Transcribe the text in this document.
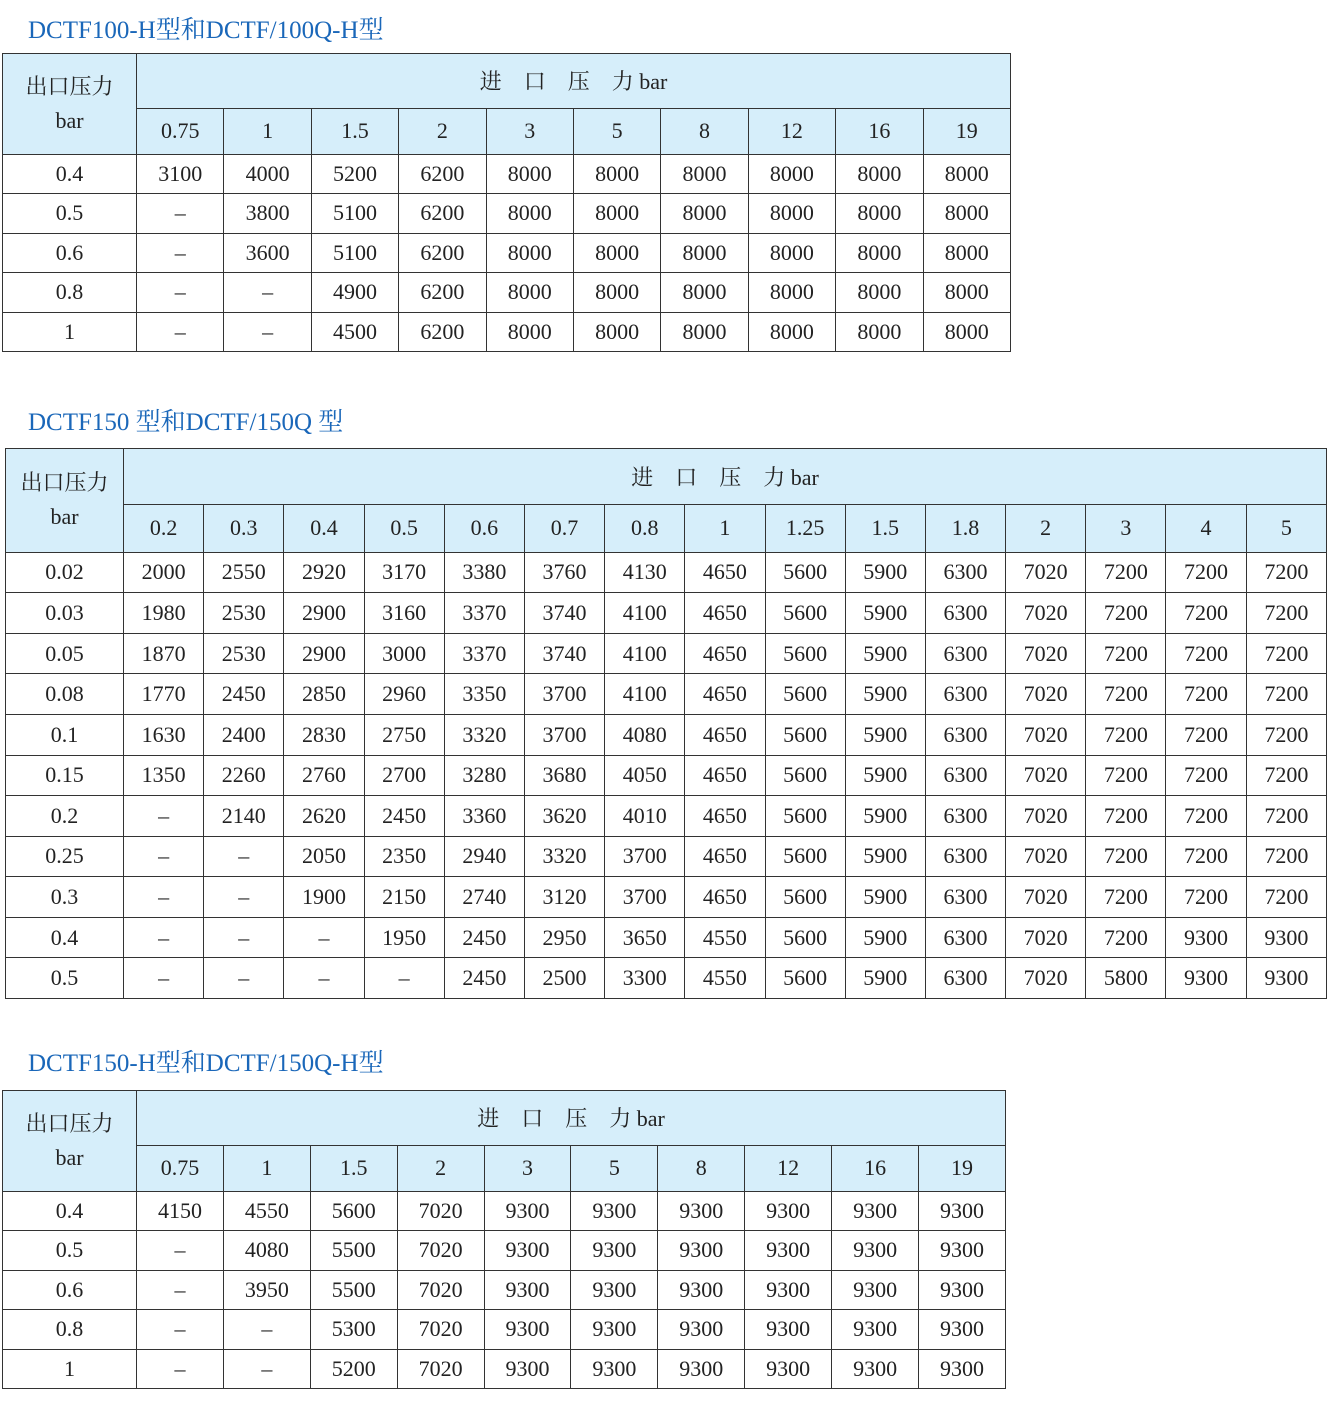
DCTF100-H型和DCTF/100Q-H型
出口压力
bar	进　口　压　力 bar									
	0.75	1	1.5	2	3	5	8	12	16	19
0.4	3100	4000	5200	6200	8000	8000	8000	8000	8000	8000
0.5	–	3800	5100	6200	8000	8000	8000	8000	8000	8000
0.6	–	3600	5100	6200	8000	8000	8000	8000	8000	8000
0.8	–	–	4900	6200	8000	8000	8000	8000	8000	8000
1	–	–	4500	6200	8000	8000	8000	8000	8000	8000
DCTF150 型和DCTF/150Q 型
出口压力
bar	进　口　压　力 bar														
	0.2	0.3	0.4	0.5	0.6	0.7	0.8	1	1.25	1.5	1.8	2	3	4	5
0.02	2000	2550	2920	3170	3380	3760	4130	4650	5600	5900	6300	7020	7200	7200	7200
0.03	1980	2530	2900	3160	3370	3740	4100	4650	5600	5900	6300	7020	7200	7200	7200
0.05	1870	2530	2900	3000	3370	3740	4100	4650	5600	5900	6300	7020	7200	7200	7200
0.08	1770	2450	2850	2960	3350	3700	4100	4650	5600	5900	6300	7020	7200	7200	7200
0.1	1630	2400	2830	2750	3320	3700	4080	4650	5600	5900	6300	7020	7200	7200	7200
0.15	1350	2260	2760	2700	3280	3680	4050	4650	5600	5900	6300	7020	7200	7200	7200
0.2	–	2140	2620	2450	3360	3620	4010	4650	5600	5900	6300	7020	7200	7200	7200
0.25	–	–	2050	2350	2940	3320	3700	4650	5600	5900	6300	7020	7200	7200	7200
0.3	–	–	1900	2150	2740	3120	3700	4650	5600	5900	6300	7020	7200	7200	7200
0.4	–	–	–	1950	2450	2950	3650	4550	5600	5900	6300	7020	7200	9300	9300
0.5	–	–	–	–	2450	2500	3300	4550	5600	5900	6300	7020	5800	9300	9300
DCTF150-H型和DCTF/150Q-H型
出口压力
bar	进　口　压　力 bar									
	0.75	1	1.5	2	3	5	8	12	16	19
0.4	4150	4550	5600	7020	9300	9300	9300	9300	9300	9300
0.5	–	4080	5500	7020	9300	9300	9300	9300	9300	9300
0.6	–	3950	5500	7020	9300	9300	9300	9300	9300	9300
0.8	–	–	5300	7020	9300	9300	9300	9300	9300	9300
1	–	–	5200	7020	9300	9300	9300	9300	9300	9300
